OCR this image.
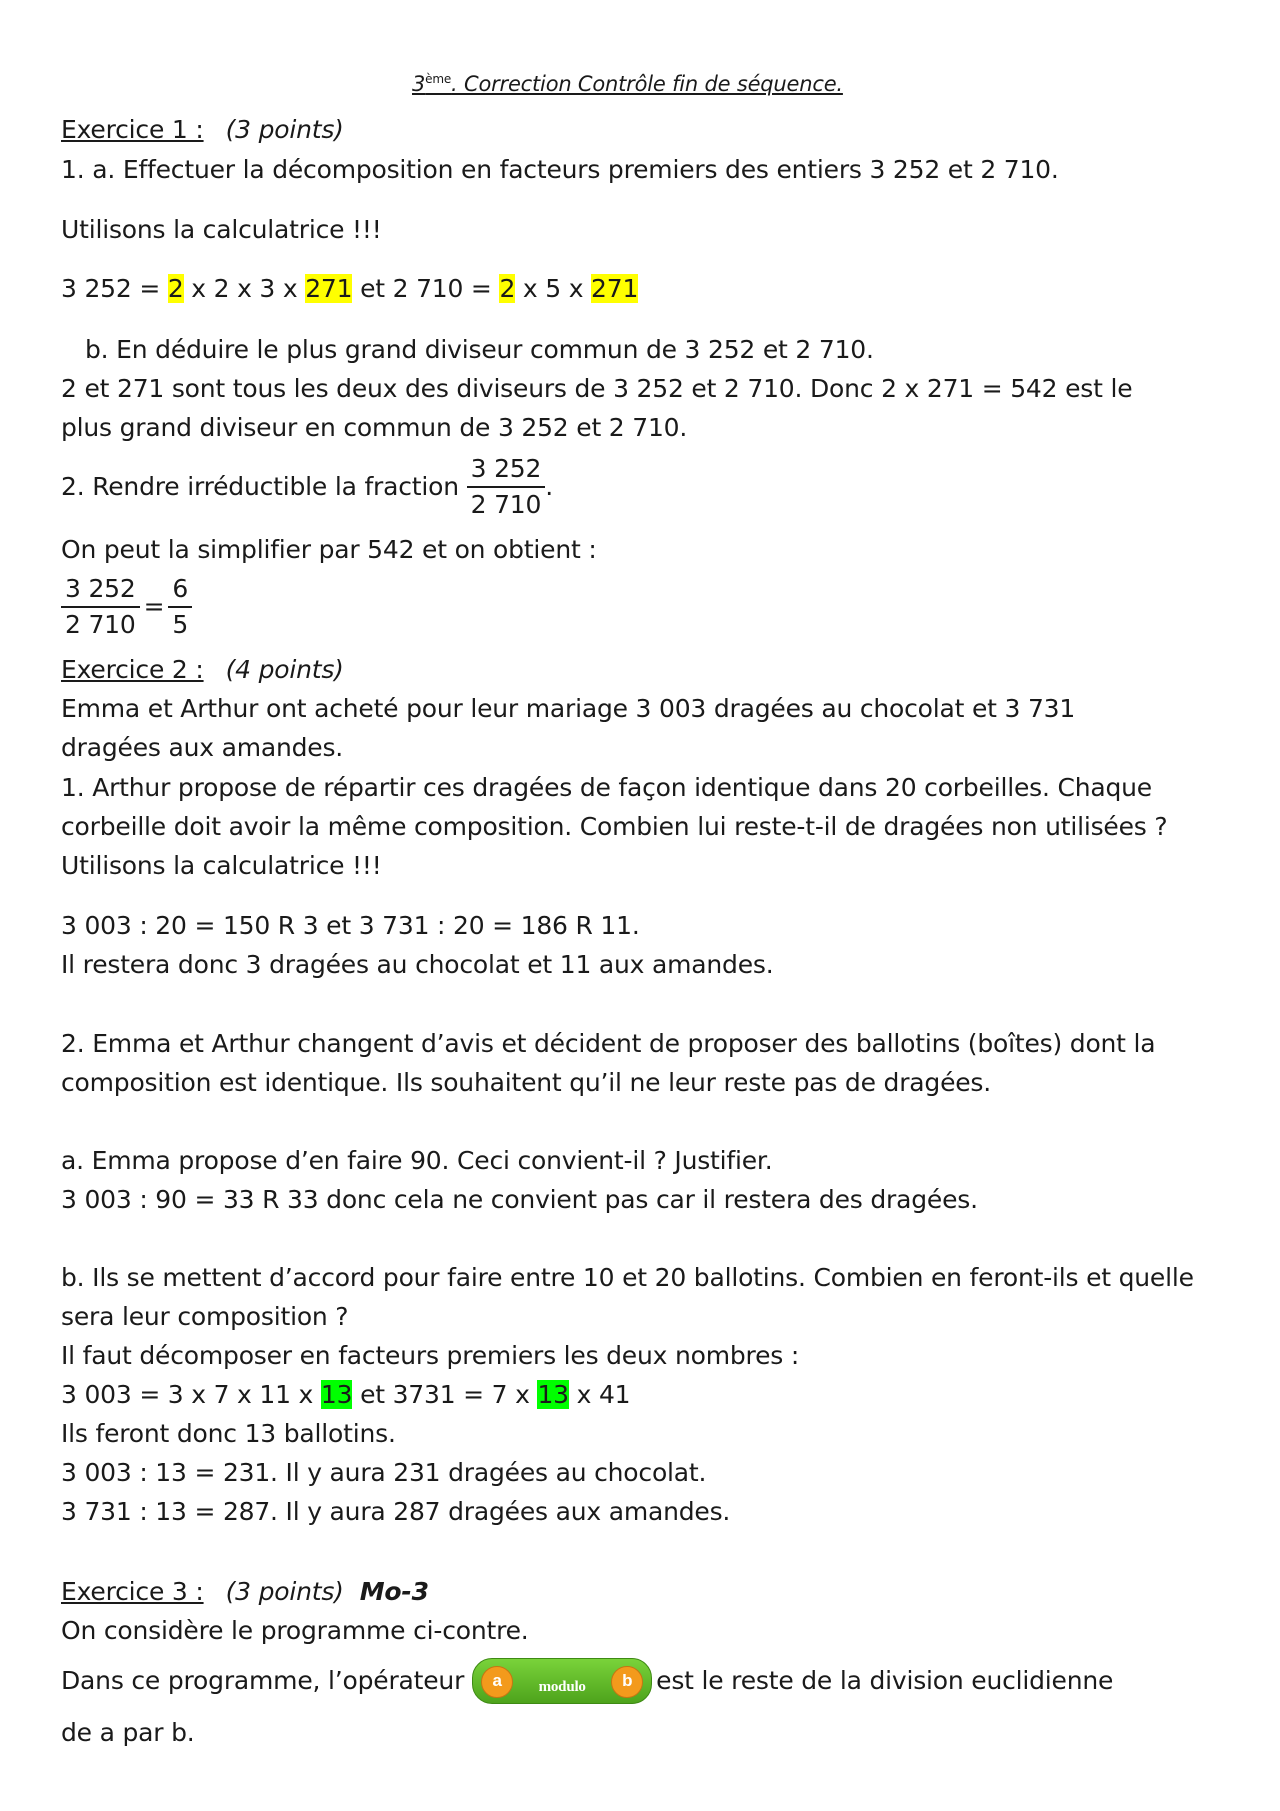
3ème. Correction Contrôle fin de séquence.
Exercice 1 : (3 points)
1. a. Effectuer la décomposition en facteurs premiers des entiers 3 252 et 2 710.
Utilisons la calculatrice !!!
3 252 = 2 x 2 x 3 x 271 et 2 710 = 2 x 5 x 271
b. En déduire le plus grand diviseur commun de 3 252 et 2 710.
2 et 271 sont tous les deux des diviseurs de 3 252 et 2 710. Donc 2 x 271 = 542 est le
plus grand diviseur en commun de 3 252 et 2 710.
2. Rendre irréductible la fraction $\frac{3 252}{2 710}$ .
On peut la simplifier par 542 et on obtient :
$\frac{3 252}{2 710} = \frac{6}{5}$
Exercice 2 : (4 points)
Emma et Arthur ont acheté pour leur mariage 3 003 dragées au chocolat et 3 731
dragées aux amandes.
1. Arthur propose de répartir ces dragées de façon identique dans 20 corbeilles. Chaque
corbeille doit avoir la même composition. Combien lui reste-t-il de dragées non utilisées ?
Utilisons la calculatrice !!!
3 003 : 20 = 150 R 3 et 3 731 : 20 = 186 R 11.
Il restera donc 3 dragées au chocolat et 11 aux amandes.
2. Emma et Arthur changent d’avis et décident de proposer des ballotins (boîtes) dont la
composition est identique. Ils souhaitent qu’il ne leur reste pas de dragées.
a. Emma propose d’en faire 90. Ceci convient-il ? Justifier.
3 003 : 90 = 33 R 33 donc cela ne convient pas car il restera des dragées.
b. Ils se mettent d’accord pour faire entre 10 et 20 ballotins. Combien en feront-ils et quelle
sera leur composition ?
Il faut décomposer en facteurs premiers les deux nombres :
3 003 = 3 x 7 x 11 x 13 et 3731 = 7 x 13 x 41
Ils feront donc 13 ballotins.
3 003 : 13 = 231. Il y aura 231 dragées au chocolat.
3 731 : 13 = 287. Il y aura 287 dragées aux amandes.
Exercice 3 : (3 points) Mo-3
On considère le programme ci-contre.
Dans ce programme, l’opérateur	a	modulo	b est le reste de la division euclidienne
de a par b.
